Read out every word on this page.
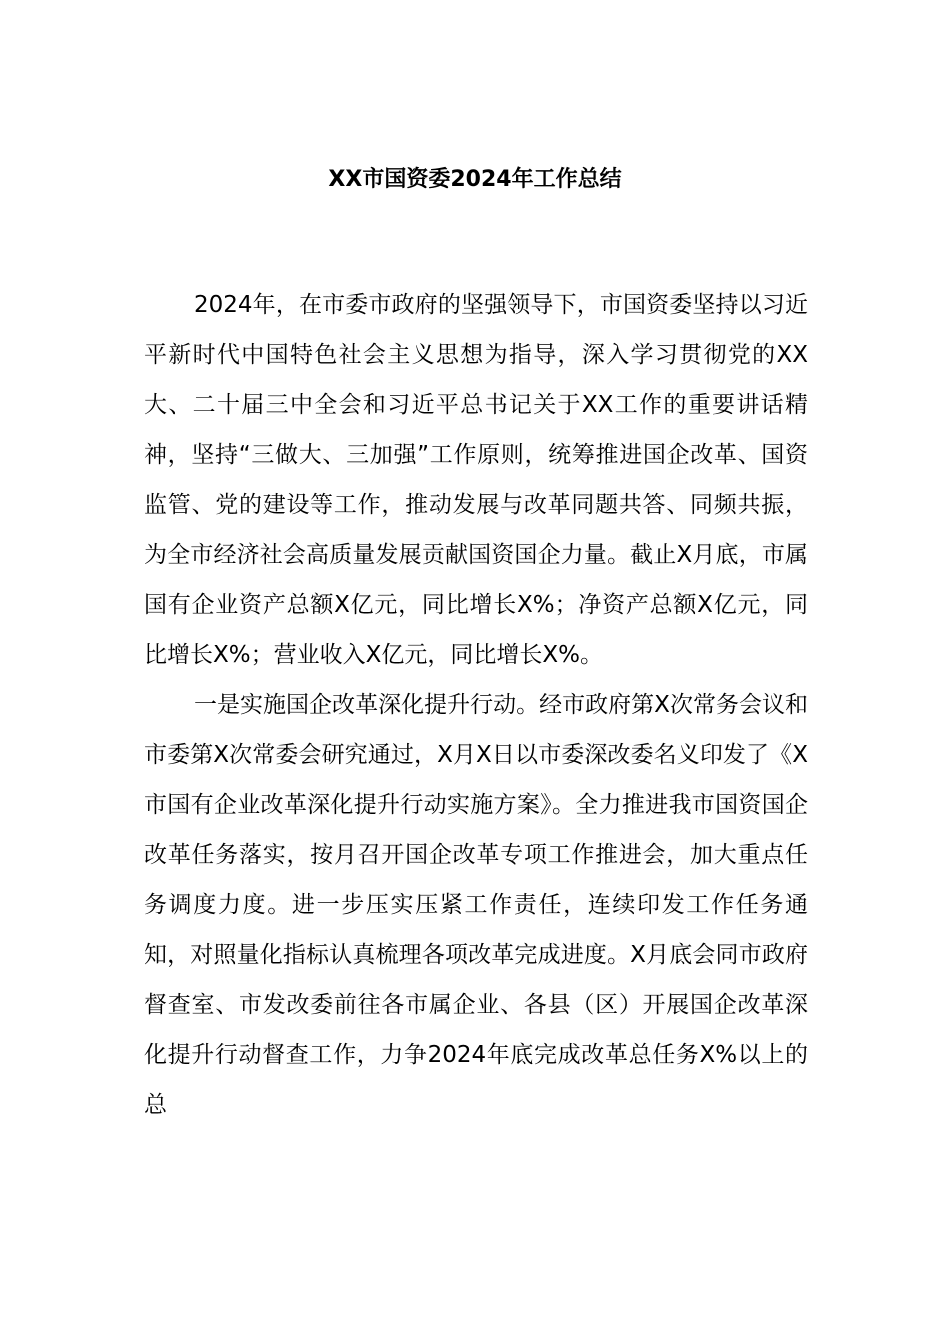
XX市国资委2024年工作总结

2024年，在市委市政府的坚强领导下，市国资委坚持以习近平新时代中国特色社会主义思想为指导，深入学习贯彻党的XX大、二十届三中全会和习近平总书记关于XX工作的重要讲话精神，坚持“三做大、三加强”工作原则，统筹推进国企改革、国资监管、党的建设等工作，推动发展与改革同题共答、同频共振，为全市经济社会高质量发展贡献国资国企力量。截止X月底，市属国有企业资产总额X亿元，同比增长X%；净资产总额X亿元，同比增长X%；营业收入X亿元，同比增长X%。

一是实施国企改革深化提升行动。经市政府第X次常务会议和市委第X次常委会研究通过，X月X日以市委深改委名义印发了《X市国有企业改革深化提升行动实施方案》。全力推进我市国资国企改革任务落实，按月召开国企改革专项工作推进会，加大重点任务调度力度。进一步压实压紧工作责任，连续印发工作任务通知，对照量化指标认真梳理各项改革完成进度。X月底会同市政府督查室、市发改委前往各市属企业、各县（区）开展国企改革深化提升行动督查工作，力争2024年底完成改革总任务X%以上的总
